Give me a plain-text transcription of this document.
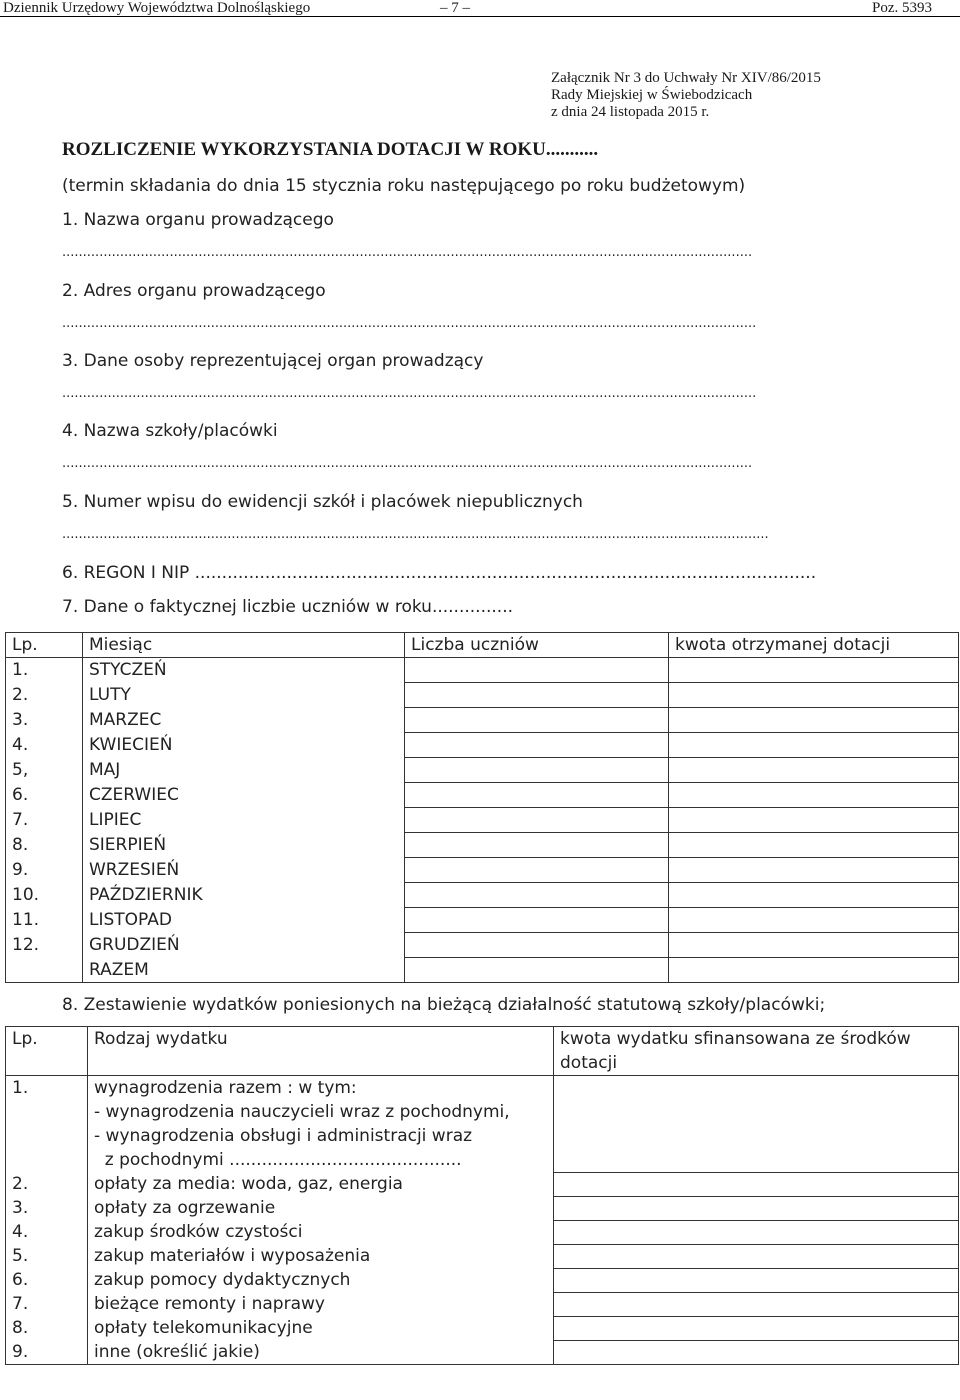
Dziennik Urzędowy Województwa Dolnośląskiego	– 7 –	Poz. 5393
Załącznik Nr 3 do Uchwały Nr XIV/86/2015
Rady Miejskiej w Świebodzicach
z dnia 24 listopada 2015 r.
ROZLICZENIE WYKORZYSTANIA DOTACJI W ROKU...........
(termin składania do dnia 15 stycznia roku następującego po roku budżetowym)
1. Nazwa organu prowadzącego
.......................................................................................................................................................................
2. Adres organu prowadzącego
........................................................................................................................................................................
3. Dane osoby reprezentującej organ prowadzący
........................................................................................................................................................................
4. Nazwa szkoły/placówki
.......................................................................................................................................................................
5. Numer wpisu do ewidencji szkół i placówek niepublicznych
...........................................................................................................................................................................
6. REGON I NIP ...................................................................................................................
7. Dane o faktycznej liczbie uczniów w roku...............
Lp.	Miesiąc	Liczba uczniów	kwota otrzymanej dotacji
1.	STYCZEŃ		
2.	LUTY		
3.	MARZEC		
4.	KWIECIEŃ		
5,	MAJ		
6.	CZERWIEC		
7.	LIPIEC		
8.	SIERPIEŃ		
9.	WRZESIEŃ		
10.	PAŹDZIERNIK		
11.	LISTOPAD		
12.	GRUDZIEŃ		
	RAZEM		
8. Zestawienie wydatków poniesionych na bieżącą działalność statutową szkoły/placówki;
Lp.	Rodzaj wydatku	kwota wydatku sfinansowana ze środków dotacji
1.	wynagrodzenia razem : w tym:
- wynagrodzenia nauczycieli wraz z pochodnymi,
- wynagrodzenia obsługi i administracji wraz
z pochodnymi ...........................................	
2.	opłaty za media: woda, gaz, energia	
3.	opłaty za ogrzewanie	
4.	zakup środków czystości	
5.	zakup materiałów i wyposażenia	
6.	zakup pomocy dydaktycznych	
7.	bieżące remonty i naprawy	
8.	opłaty telekomunikacyjne	
9.	inne (określić jakie)	
